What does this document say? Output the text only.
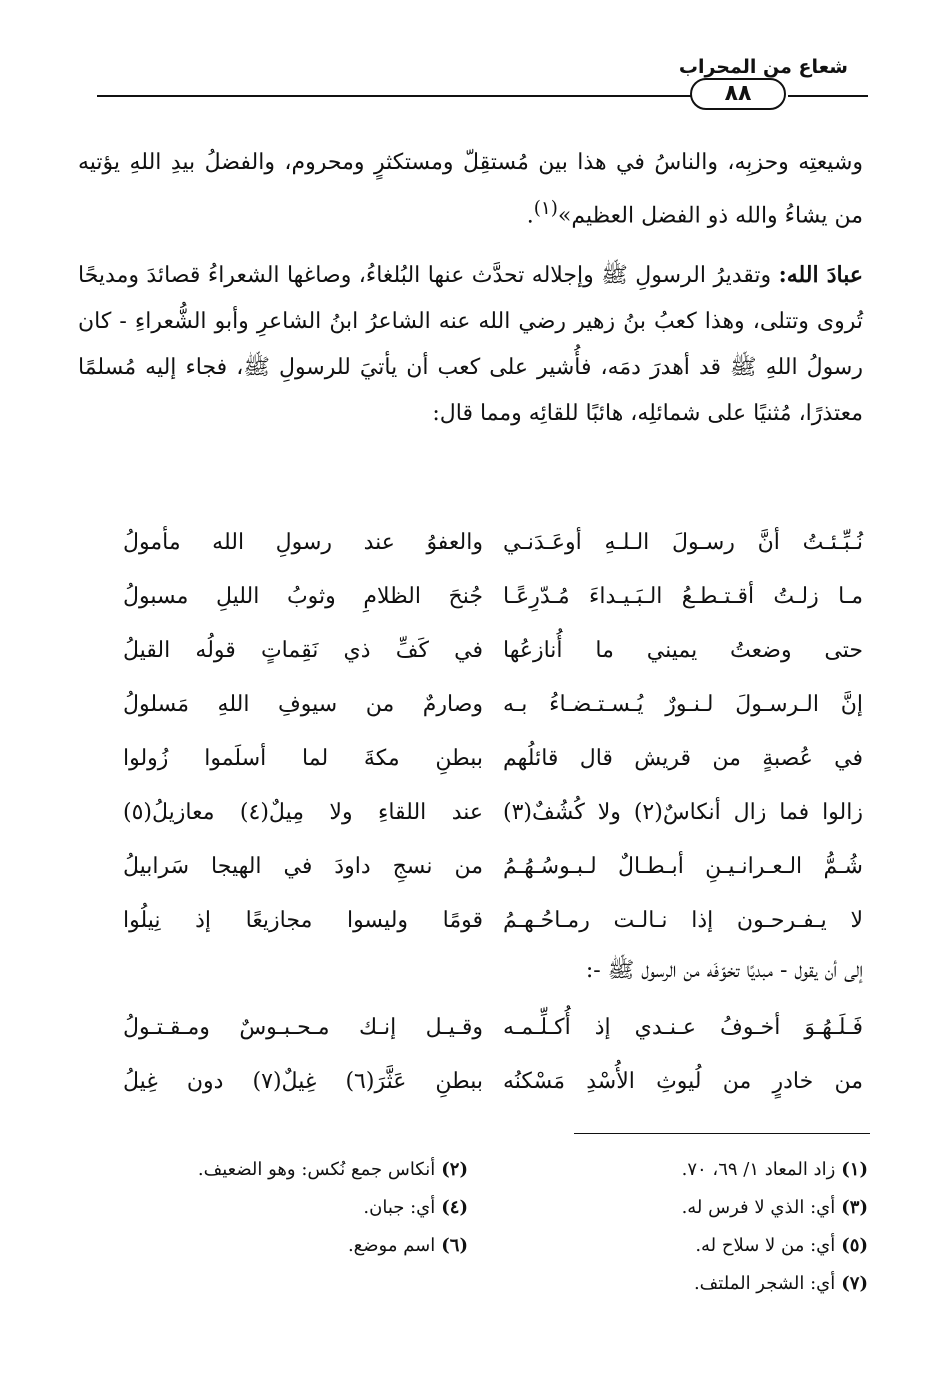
شعاع من المحراب
٨٨

وشيعتِه وحزبِه، والناسُ في هذا بين مُستقِلّ ومستكثرٍ ومحروم، والفضلُ بيدِ اللهِ يؤتيه من يشاءُ والله ذو الفضل العظيم»$^{(١)}$.

عبادَ الله: وتقديرُ الرسولِ ﷺ وإجلاله تحدَّث عنها البُلغاءُ، وصاغها الشعراءُ قصائدَ ومديحًا تُروى وتتلى، وهذا كعبُ بنُ زهير رضي الله عنه الشاعرُ ابنُ الشاعرِ وأبو الشُّعراءِ - كان رسولُ اللهِ ﷺ قد أهدرَ دمَه، فأُشير على كعب أن يأتيَ للرسولِ ﷺ، فجاء إليه مُسلمًا معتذرًا، مُثنيًا على شمائلِه، هائبًا للقائِه ومما قال:

نُـبِّـئـتُ أنَّ رسـولَ الـلـهِ أوعَـدَنـي
والعفوُ عند رسولِ الله مأمولُ
مـا زلـتُ أقـتـطـعُ الـبَـيـداءَ مُـدّرِعًـا
جُنحَ الظلامِ وثوبُ الليلِ مسبولُ
حتى وضعتُ يميني ما أُنازعُها
في كَفِّ ذي نَقِماتٍ قولُه القيلُ
إنَّ الـرسـولَ لـنـورٌ يُـسـتـضـاءُ بـه
وصارمٌ من سيوفِ اللهِ مَسلولُ
في عُصبةٍ من قريش قال قائلُهم
ببطنِ مكةَ لما أسلَموا زُولوا
زالوا فما زال أنكاسٌ(٢) ولا كُشُفٌ(٣)
عند اللقاءِ ولا مِيلٌ(٤) معازيلُ(٥)
شُـمُّ الـعـرانـيـنِ أبـطـالٌ لـبـوسُـهُـمُ
من نسجِ داودَ في الهيجا سَرابيلُ
لا يـفـرحـون إذا نـالـت رمـاحُـهـمُ
قومًا وليسوا مجازيعًا إذ نِيلُوا
إلى أن يقول - مبديًا تخوّفَه من الرسول ﷺ -:
فَـلَـهُـوَ أخـوفُ عـنـدي إذ أُكـلِّـمـه
وقـيـل إنـك مـحـبـوسٌ ومـقـتـولُ
من خادرٍ من لُيوثِ الأُسْدِ مَسْكنُه
ببطنِ عَثَّرَ(٦) غِيلٌ(٧) دون غِيلُ
(١)زاد المعاد ١/ ٦٩، ٧٠.
(٢)أنكاس جمع نُكس: وهو الضعيف.
(٣)أي: الذي لا فرس له.
(٤)أي: جبان.
(٥)أي: من لا سلاح له.
(٦)اسم موضع.
(٧)أي: الشجر الملتف.
